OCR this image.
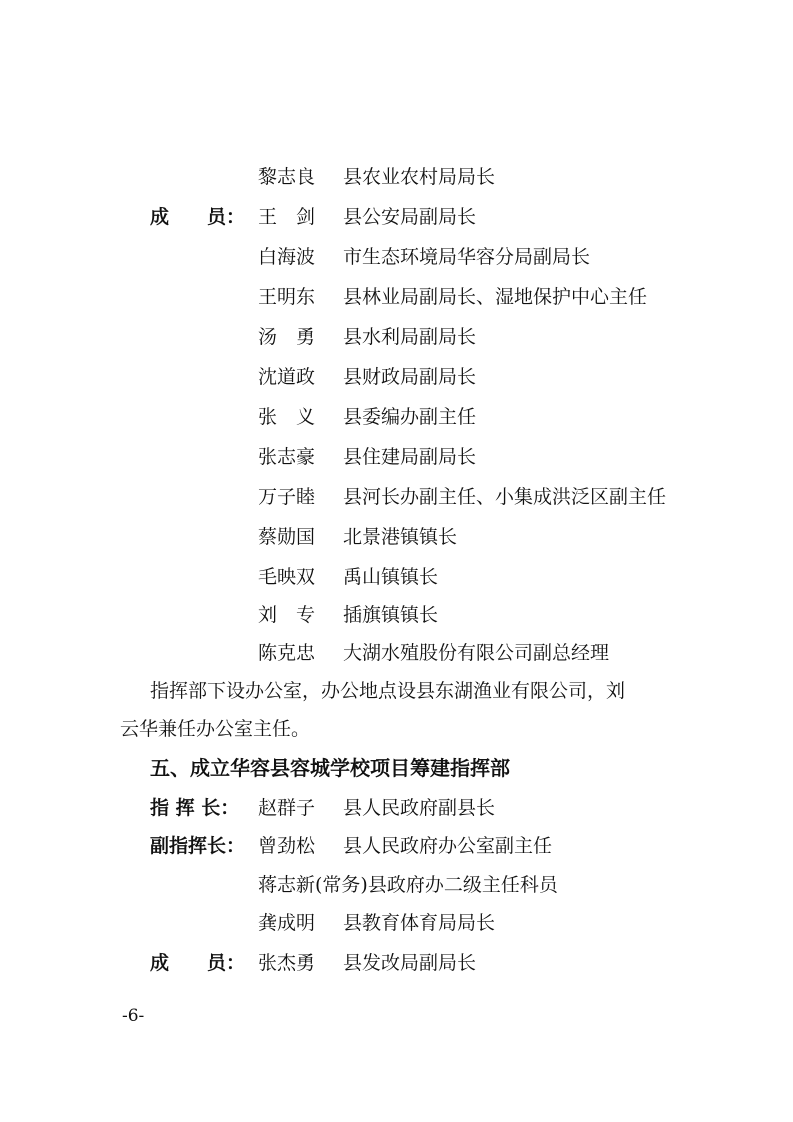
黎志良 县农业农村局局长
成　　员： 王　剑 县公安局副局长
白海波 市生态环境局华容分局副局长
王明东 县林业局副局长、湿地保护中心主任
汤　勇 县水利局副局长
沈道政 县财政局副局长
张　义 县委编办副主任
张志豪 县住建局副局长
万子睦 县河长办副主任、小集成洪泛区副主任
蔡勋国 北景港镇镇长
毛映双 禹山镇镇长
刘　专 插旗镇镇长
陈克忠 大湖水殖股份有限公司副总经理
指挥部下设办公室，办公地点设县东湖渔业有限公司，刘
云华兼任办公室主任。
五、成立华容县容城学校项目筹建指挥部
指 挥 长： 赵群子 县人民政府副县长
副指挥长： 曾劲松 县人民政府办公室副主任
蒋志新(常务)县政府办二级主任科员
龚成明 县教育体育局局长
成　　员： 张杰勇 县发改局副局长
-6-
